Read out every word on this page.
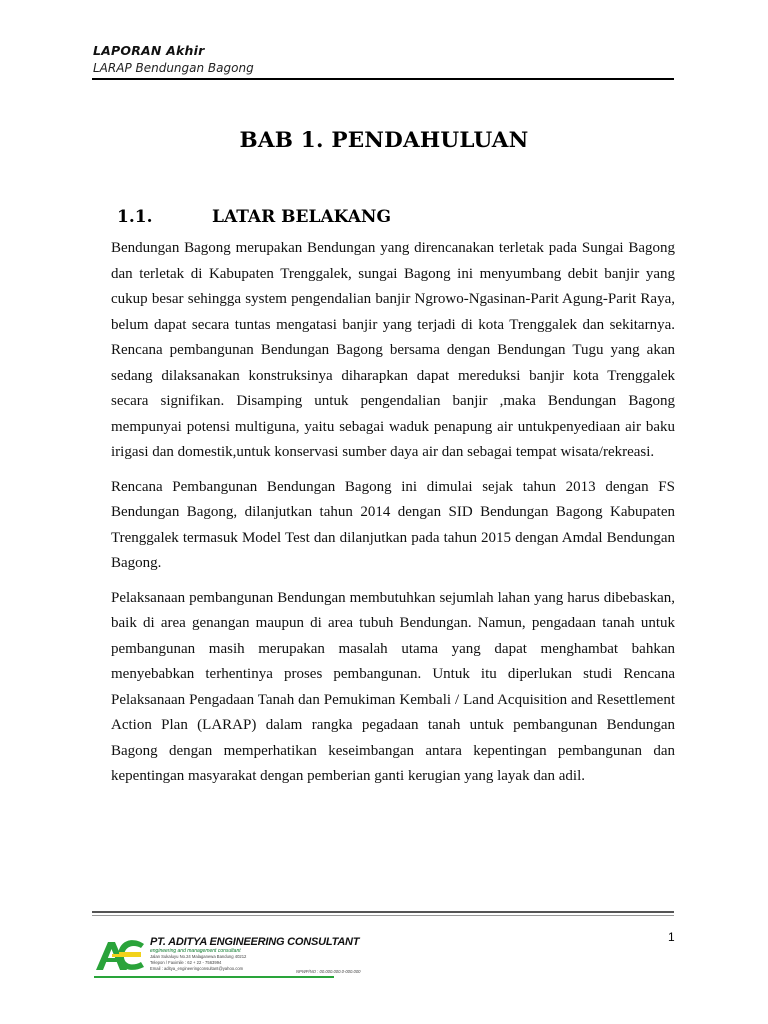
LAPORAN Akhir
LARAP Bendungan Bagong
BAB 1. PENDAHULUAN
1.1.	LATAR BELAKANG

Bendungan Bagong merupakan Bendungan yang direncanakan terletak pada Sungai Bagong dan terletak di Kabupaten Trenggalek, sungai Bagong ini menyumbang debit banjir yang cukup besar sehingga system pengendalian banjir Ngrowo-Ngasinan-Parit Agung-Parit Raya, belum dapat secara tuntas mengatasi banjir yang terjadi di kota Trenggalek dan sekitarnya. Rencana pembangunan Bendungan Bagong bersama dengan Bendungan Tugu yang akan sedang dilaksanakan konstruksinya diharapkan dapat mereduksi banjir kota Trenggalek secara signifikan. Disamping untuk pengendalian banjir ,maka Bendungan Bagong mempunyai potensi multiguna, yaitu sebagai waduk penapung air untukpenyediaan air baku irigasi dan domestik,untuk konservasi sumber daya air dan sebagai tempat wisata/rekreasi.

Rencana Pembangunan Bendungan Bagong ini dimulai sejak tahun 2013 dengan FS Bendungan Bagong, dilanjutkan tahun 2014 dengan SID Bendungan Bagong Kabupaten Trenggalek termasuk Model Test dan dilanjutkan pada tahun 2015 dengan Amdal Bendungan Bagong.

Pelaksanaan pembangunan Bendungan membutuhkan sejumlah lahan yang harus dibebaskan, baik di area genangan maupun di area tubuh Bendungan. Namun, pengadaan tanah untuk pembangunan masih merupakan masalah utama yang dapat menghambat bahkan menyebabkan terhentinya proses pembangunan. Untuk itu diperlukan studi Rencana Pelaksanaan Pengadaan Tanah dan Pemukiman Kembali / Land Acquisition and Resettlement Action Plan (LARAP) dalam rangka pegadaan tanah untuk pembangunan Bendungan Bagong dengan memperhatikan keseimbangan antara kepentingan pembangunan dan kepentingan masyarakat dengan pemberian ganti kerugian yang layak dan adil.

1
PT. ADITYA ENGINEERING CONSULTANT
engineering and management consultant
Jalan Sukaluyu No.24 Malaganewa Bandung 40212
Telepon / Faximile : 62 + 22 - 7563994
Email : aditya_engineeringconsultant@yahoo.com
NPWP/NO : 00.000.000.0-000.000
